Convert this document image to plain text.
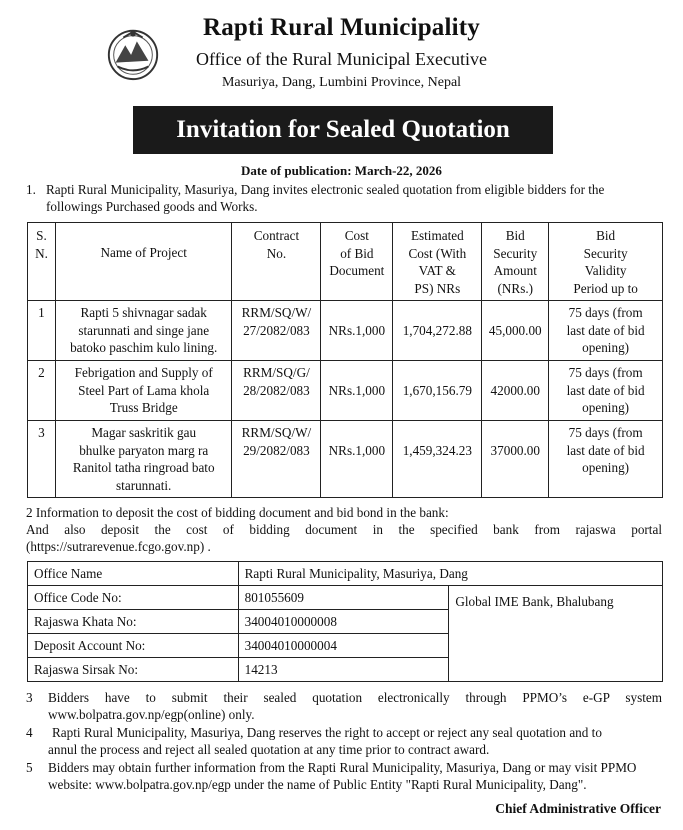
Rapti Rural Municipality
Office of the Rural Municipal Executive
Masuriya, Dang, Lumbini Province, Nepal
Invitation for Sealed Quotation
Date of publication: March-22, 2026
1. Rapti Rural Municipality, Masuriya, Dang invites electronic sealed quotation from eligible bidders for the
followings Purchased goods and Works.
S.
N.	Name of Project	Contract
No.	Cost
of Bid
Document	Estimated
Cost (With
VAT &
PS) NRs	Bid
Security
Amount
(NRs.)	Bid
Security
Validity
Period up to
1	Rapti 5 shivnagar sadak
starunnati and singe jane
batoko paschim kulo lining.	RRM/SQ/W/
27/2082/083	NRs.1,000	1,704,272.88	45,000.00	75 days (from
last date of bid
opening)
2	Febrigation and Supply of
Steel Part of Lama khola
Truss Bridge	RRM/SQ/G/
28/2082/083	NRs.1,000	1,670,156.79	42000.00	75 days (from
last date of bid
opening)
3	Magar saskritik gau
bhulke paryaton marg ra
Ranitol tatha ringroad bato
starunnati.	RRM/SQ/W/
29/2082/083	NRs.1,000	1,459,324.23	37000.00	75 days (from
last date of bid
opening)
2 Information to deposit the cost of bidding document and bid bond in the bank:
And also deposit the cost of bidding document in the specified bank from rajaswa portal
(https://sutrarevenue.fcgo.gov.np) .
Office Name	Rapti Rural Municipality, Masuriya, Dang	
Office Code No:	801055609	Global IME Bank, Bhalubang
Rajaswa Khata No:	34004010000008	
Deposit Account No:	34004010000004	
Rajaswa Sirsak No:	14213	
3 Bidders have to submit their sealed quotation electronically through PPMO’s e-GP system
www.bolpatra.gov.np/egp(online) only.
4 Rapti Rural Municipality, Masuriya, Dang reserves the right to accept or reject any seal quotation and to
annul the process and reject all sealed quotation at any time prior to contract award.
5 Bidders may obtain further information from the Rapti Rural Municipality, Masuriya, Dang or may visit PPMO
website: www.bolpatra.gov.np/egp under the name of Public Entity "Rapti Rural Municipality, Dang".
Chief Administrative Officer
